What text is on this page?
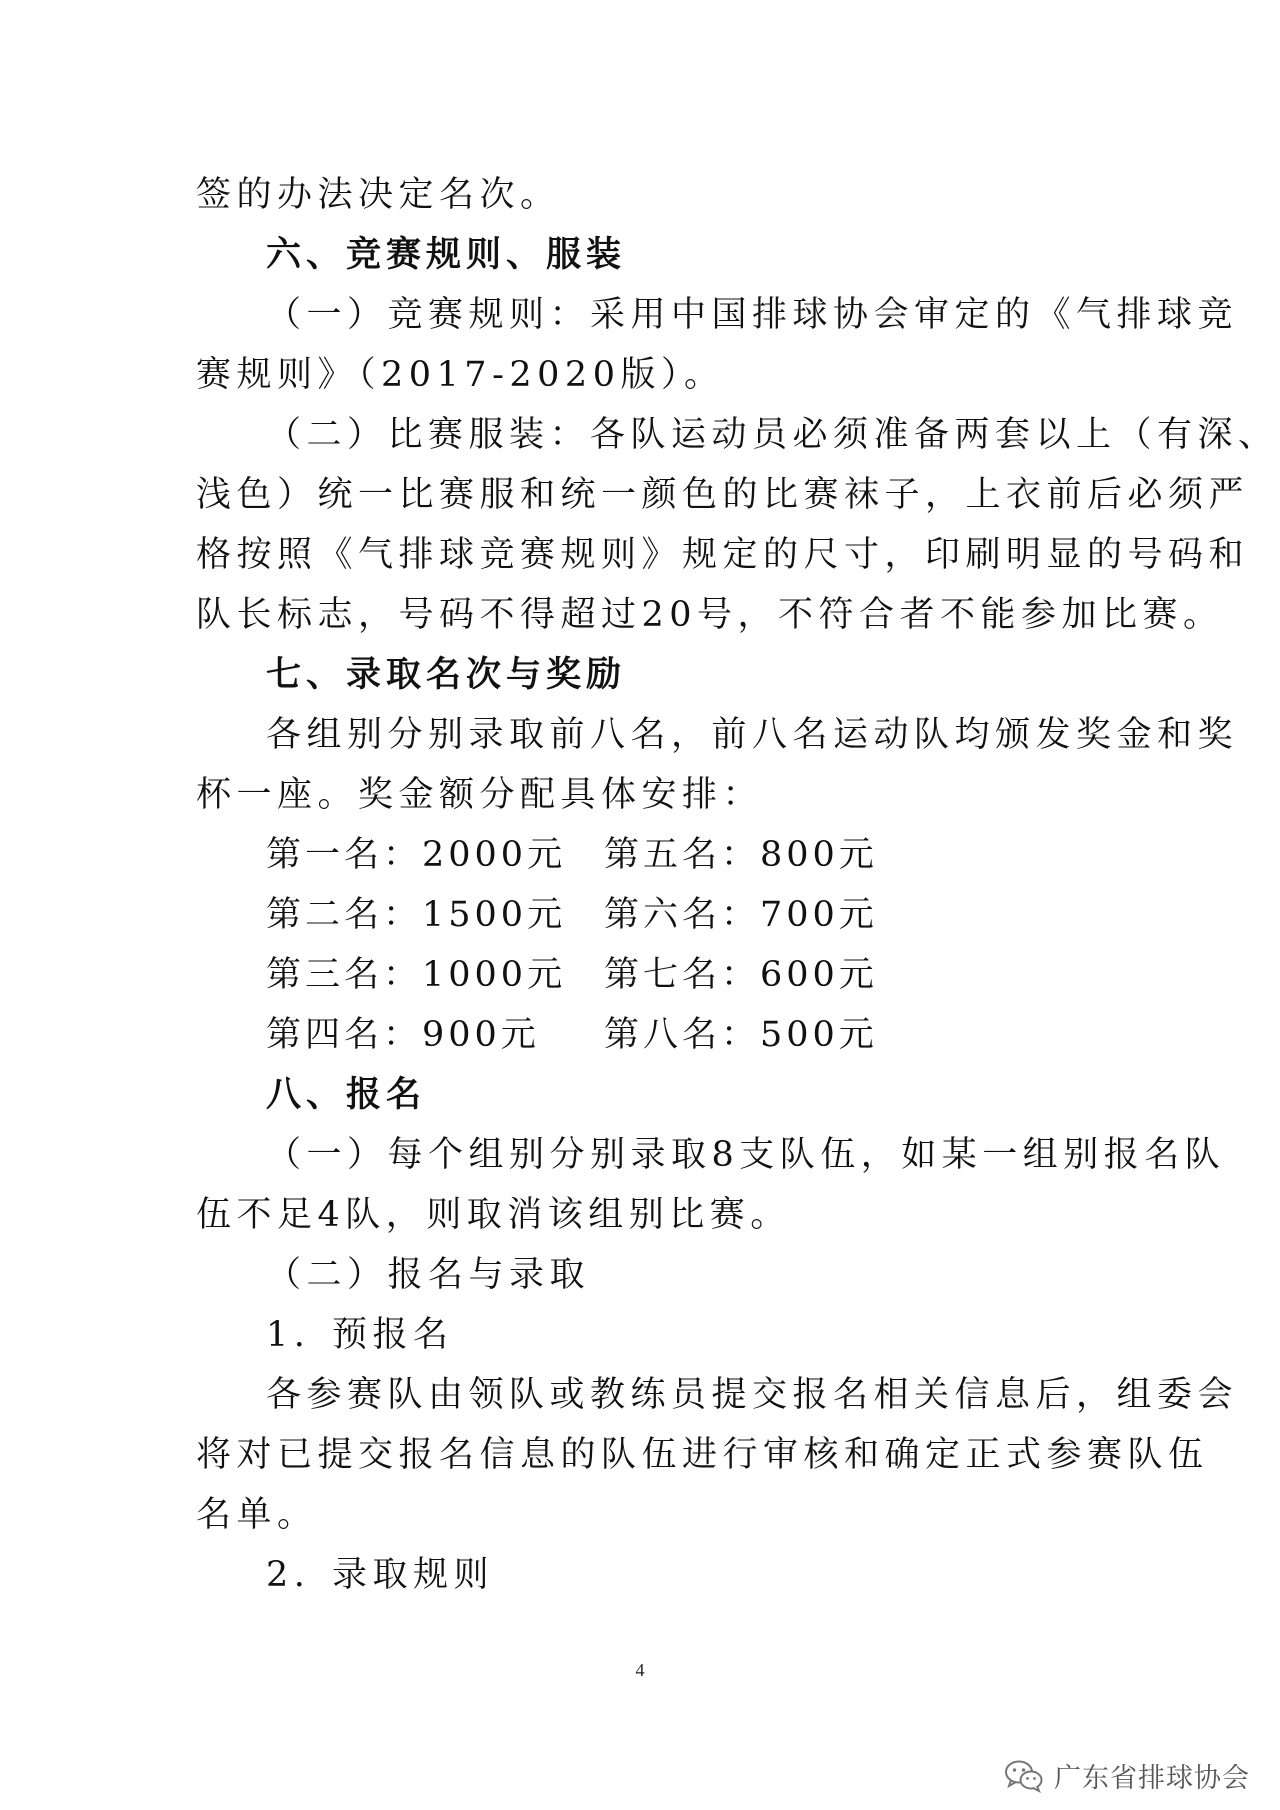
签的办法决定名次。
六、竞赛规则、服装
（一）竞赛规则：采用中国排球协会审定的《气排球竞
赛规则》（2017-2020版）。
（二）比赛服装：各队运动员必须准备两套以上（有深、
浅色）统一比赛服和统一颜色的比赛袜子，上衣前后必须严
格按照《气排球竞赛规则》规定的尺寸，印刷明显的号码和
队长标志，号码不得超过20号，不符合者不能参加比赛。
七、录取名次与奖励
各组别分别录取前八名，前八名运动队均颁发奖金和奖
杯一座。奖金额分配具体安排：
第一名：2000元 第五名：800元
第二名：1500元 第六名：700元
第三名：1000元 第七名：600元
第四名：900元 第八名：500元
八、报名
（一）每个组别分别录取8支队伍，如某一组别报名队
伍不足4队，则取消该组别比赛。
（二）报名与录取
1. 预报名
各参赛队由领队或教练员提交报名相关信息后，组委会
将对已提交报名信息的队伍进行审核和确定正式参赛队伍
名单。
2. 录取规则
4
广东省排球协会
